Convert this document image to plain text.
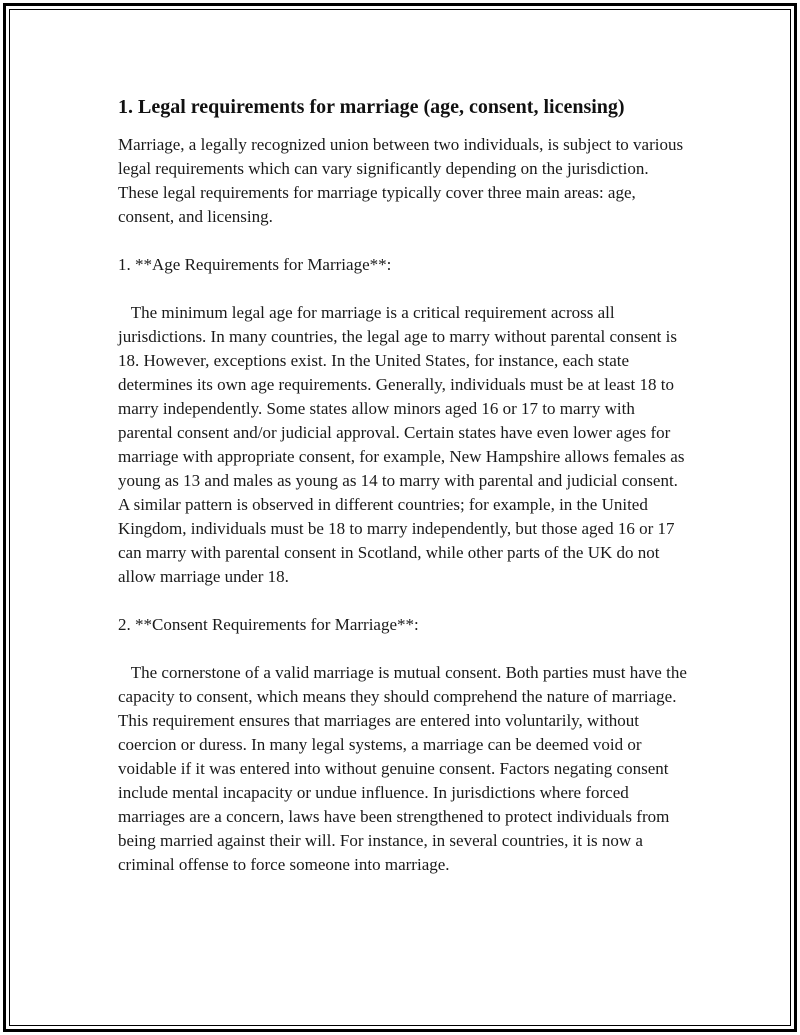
1. Legal requirements for marriage (age, consent, licensing)

Marriage, a legally recognized union between two individuals, is subject to various legal requirements which can vary significantly depending on the jurisdiction. These legal requirements for marriage typically cover three main areas: age, consent, and licensing.

1. **Age Requirements for Marriage**:

The minimum legal age for marriage is a critical requirement across all jurisdictions. In many countries, the legal age to marry without parental consent is 18. However, exceptions exist. In the United States, for instance, each state determines its own age requirements. Generally, individuals must be at least 18 to marry independently. Some states allow minors aged 16 or 17 to marry with parental consent and/or judicial approval. Certain states have even lower ages for marriage with appropriate consent, for example, New Hampshire allows females as young as 13 and males as young as 14 to marry with parental and judicial consent. A similar pattern is observed in different countries; for example, in the United Kingdom, individuals must be 18 to marry independently, but those aged 16 or 17 can marry with parental consent in Scotland, while other parts of the UK do not allow marriage under 18.

2. **Consent Requirements for Marriage**:

The cornerstone of a valid marriage is mutual consent. Both parties must have the capacity to consent, which means they should comprehend the nature of marriage. This requirement ensures that marriages are entered into voluntarily, without coercion or duress. In many legal systems, a marriage can be deemed void or voidable if it was entered into without genuine consent. Factors negating consent include mental incapacity or undue influence. In jurisdictions where forced marriages are a concern, laws have been strengthened to protect individuals from being married against their will. For instance, in several countries, it is now a criminal offense to force someone into marriage.
